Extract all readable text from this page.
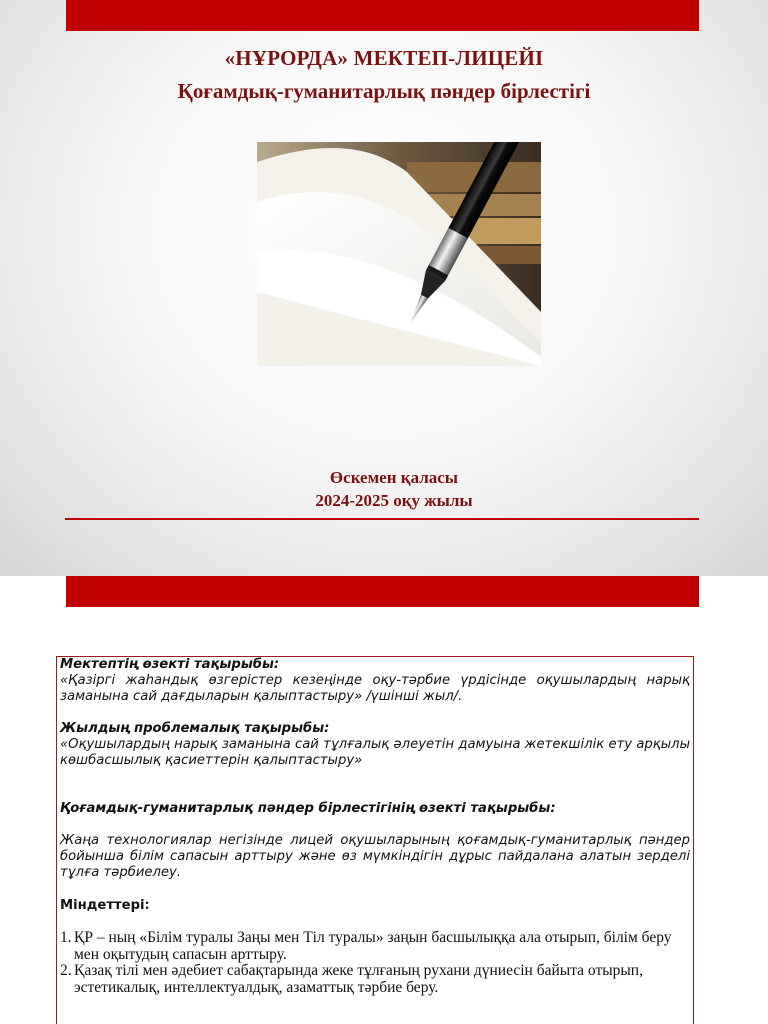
«НҰРОРДА» МЕКТЕП-ЛИЦЕЙІ
Қоғамдық-гуманитарлық пәндер бірлестігі
Өскемен қаласы
2024-2025 оқу жылы

Мектептің өзекті тақырыбы:

«Қазіргі жаһандық өзгерістер кезеңінде оқу-тәрбие үрдісінде оқушылардың нарық заманына сай дағдыларын қалыптастыру» /үшінші жыл/.

Жылдың проблемалық тақырыбы:

«Оқушылардың нарық заманына сай тұлғалық әлеуетін дамуына жетекшілік ету арқылы көшбасшылық қасиеттерін қалыптастыру»

Қоғамдық-гуманитарлық пәндер бірлестігінің өзекті тақырыбы:

Жаңа технологиялар негізінде лицей оқушыларының қоғамдық-гуманитарлық пәндер бойынша білім сапасын арттыру және өз мүмкіндігін дұрыс пайдалана алатын зерделі тұлға тәрбиелеу.

Міндеттері:

ҚР – ның «Білім туралы Заңы мен Тіл туралы» заңын басшылыққа ала отырып, білім беру мен оқытудың сапасын арттыру.
Қазақ тілі мен әдебиет сабақтарында жеке тұлғаның рухани дүниесін байыта отырып, эстетикалық, интеллектуалдық, азаматтық тәрбие беру.
